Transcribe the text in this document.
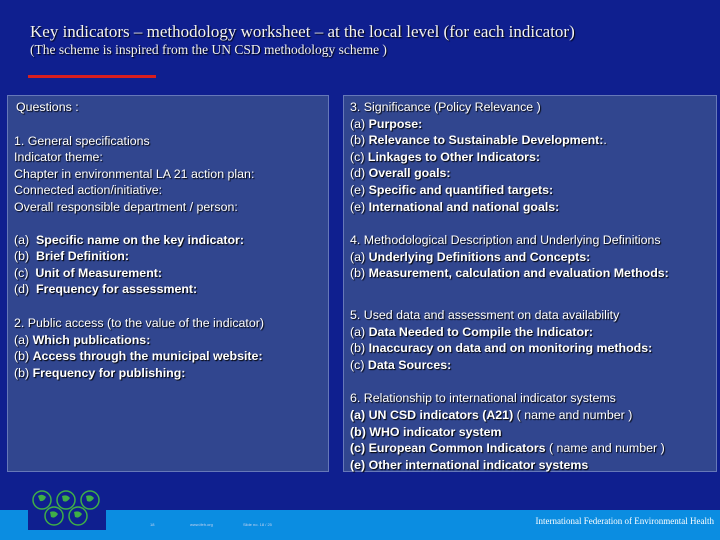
Key indicators – methodology worksheet – at the local level (for each indicator)
(The scheme is inspired from the UN CSD methodology scheme )
Questions :
1. General specifications
Indicator theme:
Chapter in environmental LA 21 action plan:
Connected action/initiative:
Overall responsible department / person:
(a) Specific name on the key indicator:
(b) Brief Definition:
(c) Unit of Measurement:
(d) Frequency for assessment:
2. Public access (to the value of the indicator)
(a) Which publications:
(b) Access through the municipal website:
(b) Frequency for publishing:
3. Significance (Policy Relevance )
(a) Purpose:
(b) Relevance to Sustainable Development:.
(c) Linkages to Other Indicators:
(d) Overall goals:
(e) Specific and quantified targets:
(e) International and national goals:
4. Methodological Description and Underlying Definitions
(a) Underlying Definitions and Concepts:
(b) Measurement, calculation and evaluation Methods:
5. Used data and assessment on data availability
(a) Data Needed to Compile the Indicator:
(b) Inaccuracy on data and on monitoring methods:
(c) Data Sources:
6. Relationship to international indicator systems
(a) UN CSD indicators (A21) ( name and number )
(b) WHO indicator system
(c) European Common Indicators ( name and number )
(e) Other international indicator systems
18	www.ifeh.org	Slide no. 18 / 25	International Federation of Environmental Health
